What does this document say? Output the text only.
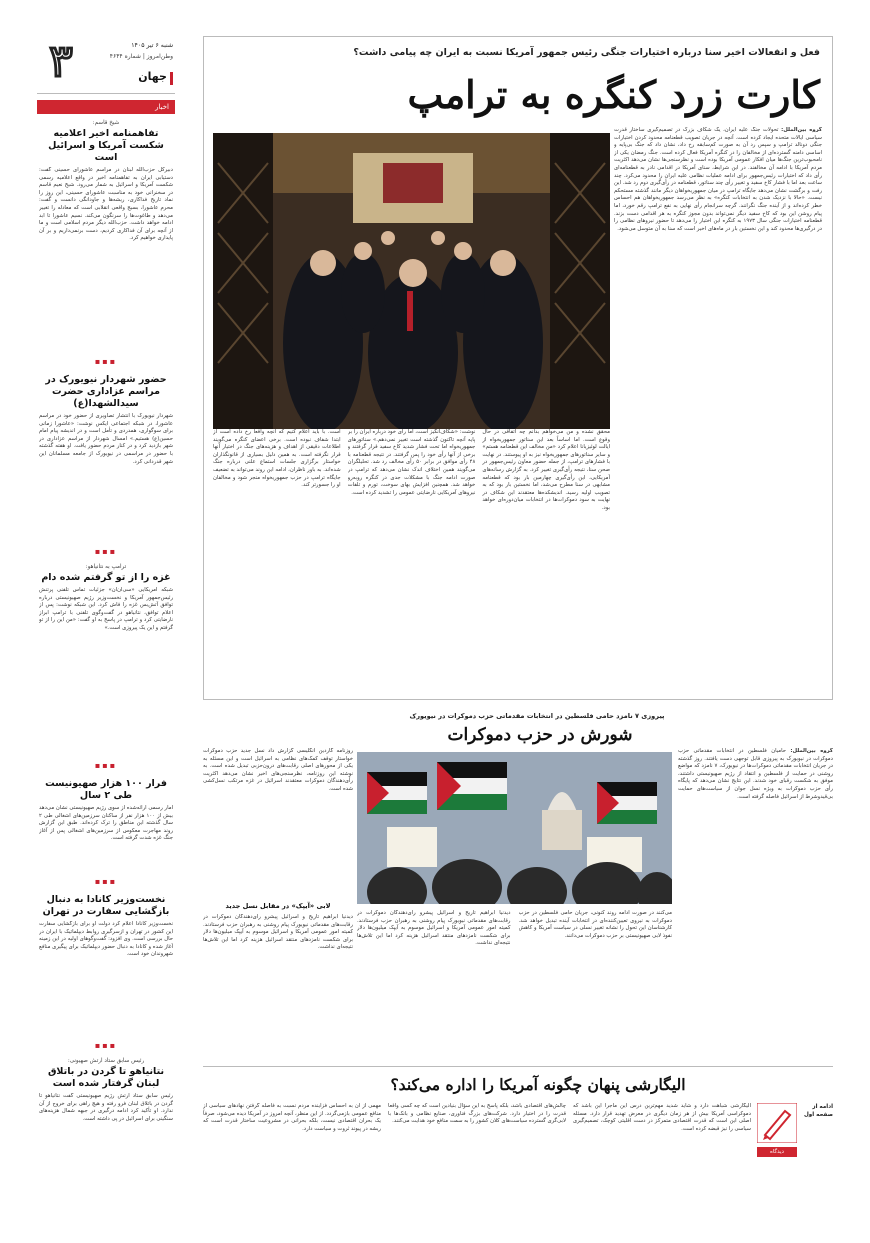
۳	شنبه ۶ تیر ۱۴۰۵
وطن‌امروز | شماره ۴۶۴۴
جهان
اخبار
شیخ قاسم:
تفاهمنامه اخیر اعلامیه شکست آمریکا و اسرائیل است
دبیرکل حزب‌الله لبنان در مراسم عاشورای حسینی گفت: دستیابی ایران به تفاهمنامه اخیر در واقع اعلامیه رسمی شکست آمریکا و اسرائیل به شمار می‌رود. شیخ نعیم قاسم در سخنرانی خود به مناسبت عاشورای حسینی، این روز را نماد تاریخ فداکاری، ریشه‌ها و جاودانگی دانست و گفت: محرم عاشورا، بسیج واقعی انقلابی است که معادله را تغییر می‌دهد و طاغوت‌ها را سرنگون می‌کند. نسیم عاشورا تا ابد ادامه خواهد داشت. حزب‌الله دیگر مردم اسلامی است و ما از آنچه برای آن فداکاری کردیم، دست برنمی‌داریم و بر آن پایداری خواهیم کرد.
▪▪▪
حضور شهردار نیویورک در مراسم عزاداری حضرت سیدالشهدا(ع)
شهردار نیویورک با انتشار تصاویری از حضور خود در مراسم عاشورا، در شبکه اجتماعی ایکس نوشت: «عاشورا زمانی برای سوگواری، همدردی و تأمل است و در اندیشه پیام امام حسین(ع) هستیم.» امسال شهردار از مراسم عزاداری در شهر بازدید کرد و در کنار مردم حضور یافت. او هفته گذشته با حضور در مراسمی در نیویورک از جامعه مسلمانان این شهر قدردانی کرد.
▪▪▪
ترامپ به نتانیاهو:
غزه را از تو گرفتم شده دام
شبکه آمریکایی «سی‌ان‌ان» جزئیات تماس تلفنی پرتنش رئیس‌جمهور آمریکا و نخست‌وزیر رژیم صهیونیستی درباره توافق آتش‌بس غزه را فاش کرد. این شبکه نوشت: پس از اعلام توافق، نتانیاهو در گفت‌وگوی تلفنی با ترامپ ابراز نارضایتی کرد و ترامپ در پاسخ به او گفت: «من این را از تو گرفتم و این یک پیروزی است.»
▪▪▪
فرار ۱۰۰ هزار صهیونیست طی ۲ سال
آمار رسمی ارائه‌شده از سوی رژیم صهیونیستی نشان می‌دهد بیش از ۱۰۰ هزار نفر از ساکنان سرزمین‌های اشغالی طی ۲ سال گذشته این مناطق را ترک کرده‌اند. طبق این گزارش روند مهاجرت معکوس از سرزمین‌های اشغالی پس از آغاز جنگ غزه شدت گرفته است.
▪▪▪
نخست‌وزیر کانادا به دنبال بازگشایی سفارت در تهران
نخست‌وزیر کانادا اعلام کرد دولت او برای بازگشایی سفارت این کشور در تهران و ازسرگیری روابط دیپلماتیک با ایران در حال بررسی است. وی افزود: گفت‌وگوهای اولیه در این زمینه آغاز شده و کانادا به دنبال حضور دیپلماتیک برای پیگیری منافع شهروندان خود است.
▪▪▪
رئیس سابق ستاد ارتش صهیونی:
نتانیاهو تا گردن در باتلاق لبنان گرفتار شده است
رئیس سابق ستاد ارتش رژیم صهیونیستی گفت نتانیاهو تا گردن در باتلاق لبنان فرو رفته و هیچ راهی برای خروج از آن ندارد. او تأکید کرد ادامه درگیری در جبهه شمال هزینه‌های سنگینی برای اسرائیل در پی داشته است.
فعل و انفعالات اخیر سنا درباره اختیارات جنگی رئیس جمهور آمریکا نسبت به ایران چه پیامی داشت؟
کارت زرد کنگره به ترامپ
گروه بین‌الملل: تحولات جنگ علیه ایران، یک شکاف بزرگ در تصمیم‌گیری ساختار قدرت سیاسی ایالات متحده ایجاد کرده است. آنچه در جریان تصویب قطعنامه محدود کردن اختیارات جنگی دونالد ترامپ و سپس رد آن به صورت کم‌سابقه رخ داد، نشان داد که جنگ بی‌پایه و اساسی دامنه گسترده‌ای از مخالفان را در کنگره آمریکا فعال کرده است. جنگ رمضان یکی از نامحبوب‌ترین جنگ‌ها میان افکار عمومی آمریکا بوده است و نظرسنجی‌ها نشان می‌دهد اکثریت مردم آمریکا با ادامه آن مخالفند. در این شرایط، سنای آمریکا در اقدامی نادر به قطعنامه‌ای رأی داد که اختیارات رئیس‌جمهور برای ادامه عملیات نظامی علیه ایران را محدود می‌کرد. چند ساعت بعد اما با فشار کاخ سفید و تغییر رأی چند سناتور، قطعنامه در رأی‌گیری دوم رد شد. این رفت و برگشت نشان می‌دهد جایگاه ترامپ در میان جمهوریخواهان دیگر مانند گذشته مستحکم نیست. «حالا با نزدیک شدن به انتخابات کنگره» به نظر می‌رسد جمهوریخواهان هم احساس خطر کرده‌اند و از آینده جنگ نگرانند. گرچه سرانجام رأی نهایی به نفع ترامپ رقم خورد، اما پیام روشن این بود که کاخ سفید دیگر نمی‌تواند بدون مجوز کنگره به هر اقدامی دست بزند. قطعنامه اختیارات جنگی سال ۱۹۷۳ به کنگره این اختیار را می‌دهد تا حضور نیروهای نظامی را در درگیری‌ها محدود کند و این نخستین بار در ماه‌های اخیر است که سنا به آن متوسل می‌شود.
محقق نشده و من می‌خواهم بدانم چه اتفاقی در حال وقوع است. اما اساساً بعد این سناتور جمهوریخواه از ایالت لوئیزیانا اعلام کرد «من مخالف این قطعنامه هستم» و سایر سناتورهای جمهوریخواه نیز به او پیوستند. در نهایت با فشارهای ترامپ، از جمله حضور معاون رئیس‌جمهور در صحن سنا، نتیجه رأی‌گیری تغییر کرد. به گزارش رسانه‌های آمریکایی، این رأی‌گیری چهارمین بار بود که قطعنامه مشابهی در سنا مطرح می‌شد، اما نخستین بار بود که به تصویب اولیه رسید. اندیشکده‌ها معتقدند این شکاف در نهایت به سود دموکرات‌ها در انتخابات میان‌دوره‌ای خواهد بود.
نوشت: «شکاف‌انگیز است، اما رأی خود درباره ایران را بر پایه آنچه تاکنون گذشته است تغییر نمی‌دهم.» سناتورهای جمهوریخواه اما تحت فشار شدید کاخ سفید قرار گرفتند و برخی از آنها رأی خود را پس گرفتند. در نتیجه قطعنامه با ۴۸ رأی موافق در برابر ۵۰ رأی مخالف رد شد. تحلیلگران می‌گویند همین اختلاف اندک نشان می‌دهد که ترامپ در صورت ادامه جنگ با مشکلات جدی در کنگره روبه‌رو خواهد شد. همچنین افزایش بهای سوخت، تورم و تلفات نیروهای آمریکایی نارضایتی عمومی را تشدید کرده است.
است. با باید اعلام کنیم که آنچه واقعاً رخ داده است از ابتدا شفاف نبوده است. برخی اعضای کنگره می‌گویند اطلاعات دقیقی از اهداف و هزینه‌های جنگ در اختیار آنها قرار نگرفته است. به همین دلیل بسیاری از قانونگذاران خواستار برگزاری جلسات استماع علنی درباره جنگ شده‌اند. به باور ناظران، ادامه این روند می‌تواند به تضعیف جایگاه ترامپ در حزب جمهوریخواه منجر شود و مخالفان او را جسورتر کند.
پیروزی ۷ نامزد حامی فلسطین در انتخابات مقدماتی حزب دموکرات در نیویورک
شورش در حزب دموکرات
گروه بین‌الملل: حامیان فلسطین در انتخابات مقدماتی حزب دموکرات در نیویورک به پیروزی قابل توجهی دست یافتند. روز گذشته در جریان انتخابات مقدماتی دموکرات‌ها در نیویورک، ۷ نامزد که مواضع روشنی در حمایت از فلسطین و انتقاد از رژیم صهیونیستی داشتند، موفق به شکست رقبای خود شدند. این نتایج نشان می‌دهد که پایگاه رأی حزب دموکرات به ویژه نسل جوان از سیاست‌های حمایت بی‌قیدوشرط از اسرائیل فاصله گرفته است.
روزنامه گاردین انگلیسی گزارش داد نسل جدید حزب دموکرات خواستار توقف کمک‌های نظامی به اسرائیل است و این مسئله به یکی از محورهای اصلی رقابت‌های درون‌حزبی تبدیل شده است. به نوشته این روزنامه، نظرسنجی‌های اخیر نشان می‌دهد اکثریت رأی‌دهندگان دموکرات معتقدند اسرائیل در غزه مرتکب نسل‌کشی شده است.
لابی «آیپک» در مقابل نسل جدید
دیدنیا ابراهیم تاریخ و اسرائیل پیشرو رأی‌دهندگان دموکرات در رقابت‌های مقدماتی نیویورک پیام روشنی به رهبران حزب فرستادند. کمیته امور عمومی آمریکا و اسرائیل موسوم به آیپک میلیون‌ها دلار برای شکست نامزدهای منتقد اسرائیل هزینه کرد اما این تلاش‌ها نتیجه‌ای نداشت.
می‌کنند در صورت ادامه روند کنونی، جریان حامی فلسطین در حزب دموکرات به نیروی تعیین‌کننده‌ای در انتخابات آینده تبدیل خواهد شد. کارشناسان این تحول را نشانه تغییر نسلی در سیاست آمریکا و کاهش نفوذ لابی صهیونیستی بر حزب دموکرات می‌دانند.
دیدنیا ابراهیم تاریخ و اسرائیل پیشرو رأی‌دهندگان دموکرات در رقابت‌های مقدماتی نیویورک پیام روشنی به رهبران حزب فرستادند. کمیته امور عمومی آمریکا و اسرائیل موسوم به آیپک میلیون‌ها دلار برای شکست نامزدهای منتقد اسرائیل هزینه کرد اما این تلاش‌ها نتیجه‌ای نداشت.
الیگارشی پنهان چگونه آمریکا را اداره می‌کند؟
الیگارشی شباهت دارد و شاید شدید مهم‌ترین درس این ماجرا این باشد که دموکراسی آمریکا بیش از هر زمان دیگری در معرض تهدید قرار دارد. مسئله اصلی این است که قدرت اقتصادی متمرکز در دست اقلیتی کوچک، تصمیم‌گیری سیاسی را نیز قبضه کرده است.
چالش‌های اقتصادی باشد، بلکه پاسخ به این سؤال بنیادین است که چه کسی واقعاً قدرت را در اختیار دارد. شرکت‌های بزرگ فناوری، صنایع نظامی و بانک‌ها با لابی‌گری گسترده سیاست‌های کلان کشور را به سمت منافع خود هدایت می‌کنند.
مهمی از آن به احساس فزاینده مردم نسبت به فاصله گرفتن نهادهای سیاسی از منافع عمومی بازمی‌گردد. از این منظر، آنچه امروز در آمریکا دیده می‌شود، صرفاً یک بحران اقتصادی نیست، بلکه بحرانی در مشروعیت ساختار قدرت است که ریشه در پیوند ثروت و سیاست دارد.
دیدگاه
ادامه از صفحه اول
